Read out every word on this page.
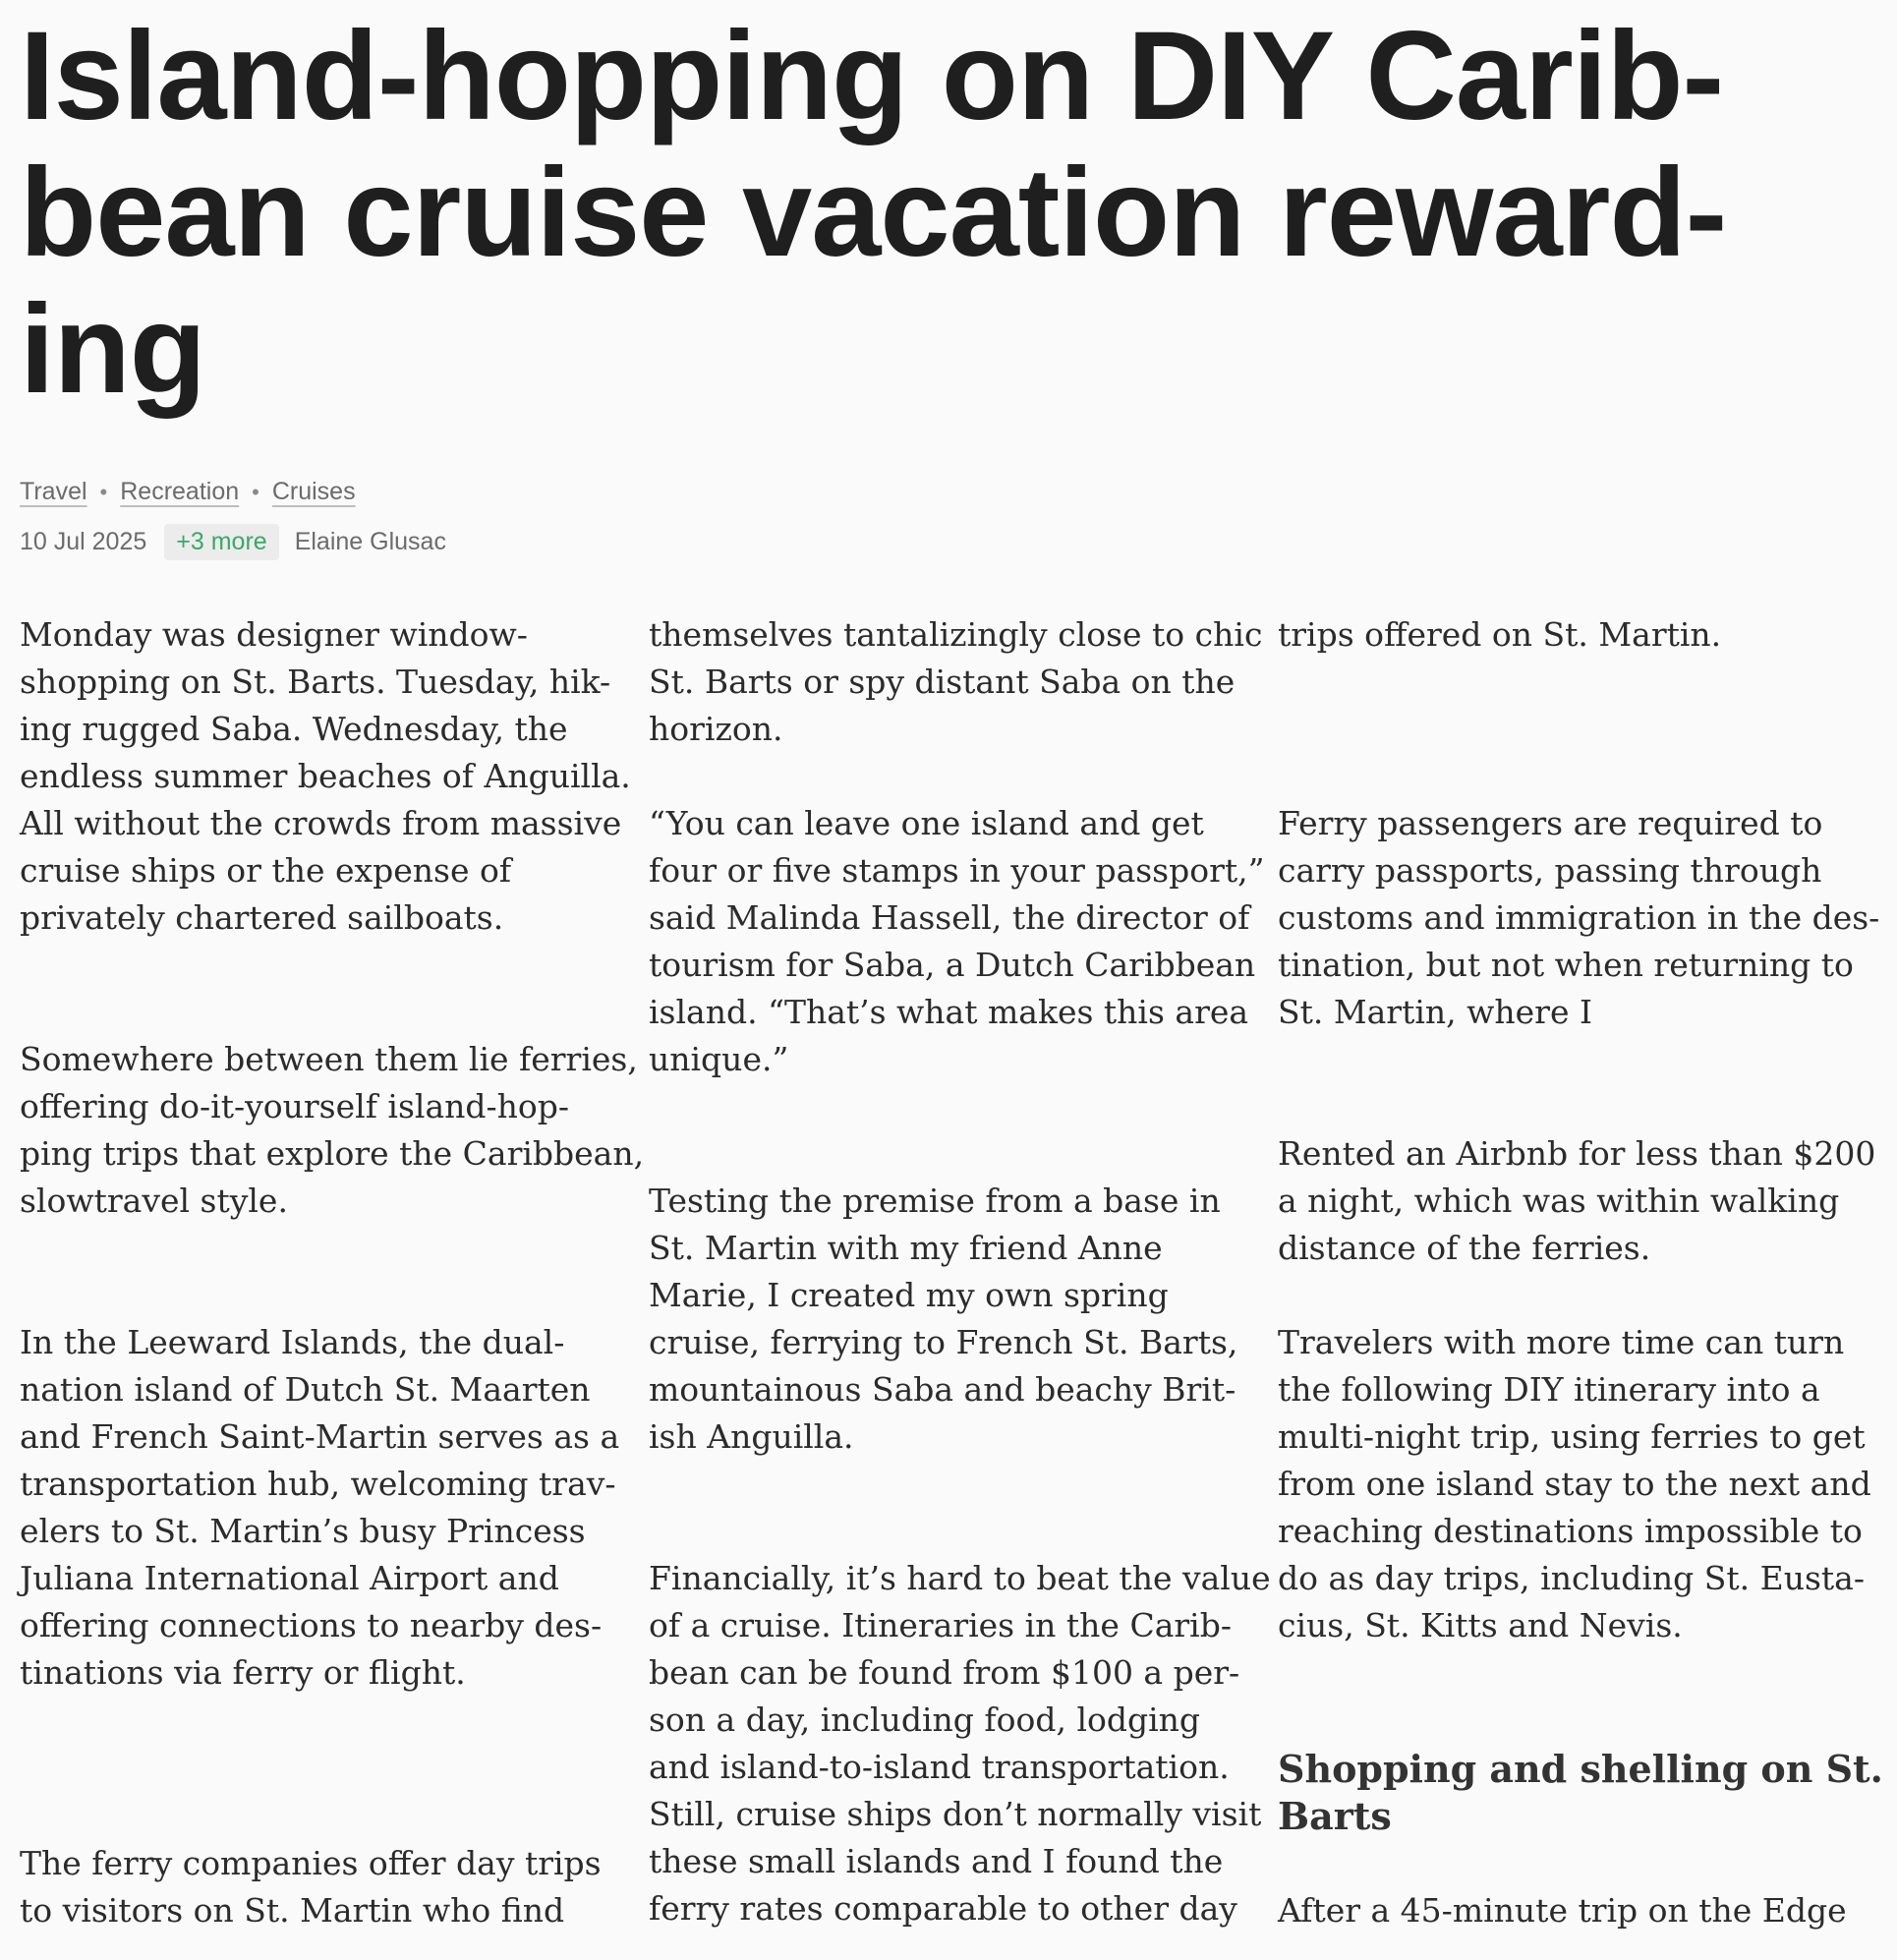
Island-hopping on DIY Carib-
bean cruise vacation reward-
ing
Travel • Recreation • Cruises
10 Jul 2025	+3 more	Elaine Glusac

Monday was designer window-
shopping on St. Barts. Tuesday, hik-
ing rugged Saba. Wednesday, the
endless summer beaches of Anguilla.
All without the crowds from massive
cruise ships or the expense of
privately chartered sailboats.

Somewhere between them lie ferries,
offering do-it-yourself island-hop-
ping trips that explore the Caribbean,
slowtravel style.

In the Leeward Islands, the dual-
nation island of Dutch St. Maarten
and French Saint-Martin serves as a
transportation hub, welcoming trav-
elers to St. Martin’s busy Princess
Juliana International Airport and
offering connections to nearby des-
tinations via ferry or flight.

The ferry companies offer day trips
to visitors on St. Martin who find

themselves tantalizingly close to chic
St. Barts or spy distant Saba on the
horizon.

“You can leave one island and get
four or five stamps in your passport,”
said Malinda Hassell, the director of
tourism for Saba, a Dutch Caribbean
island. “That’s what makes this area
unique.”

Testing the premise from a base in
St. Martin with my friend Anne
Marie, I created my own spring
cruise, ferrying to French St. Barts,
mountainous Saba and beachy Brit-
ish Anguilla.

Financially, it’s hard to beat the value
of a cruise. Itineraries in the Carib-
bean can be found from $100 a per-
son a day, including food, lodging
and island-to-island transportation.
Still, cruise ships don’t normally visit
these small islands and I found the
ferry rates comparable to other day

trips offered on St. Martin.

Ferry passengers are required to
carry passports, passing through
customs and immigration in the des-
tination, but not when returning to
St. Martin, where I

Rented an Airbnb for less than $200
a night, which was within walking
distance of the ferries.

Travelers with more time can turn
the following DIY itinerary into a
multi-night trip, using ferries to get
from one island stay to the next and
reaching destinations impossible to
do as day trips, including St. Eusta-
cius, St. Kitts and Nevis.

Shopping and shelling on St.
Barts

After a 45-minute trip on the Edge
